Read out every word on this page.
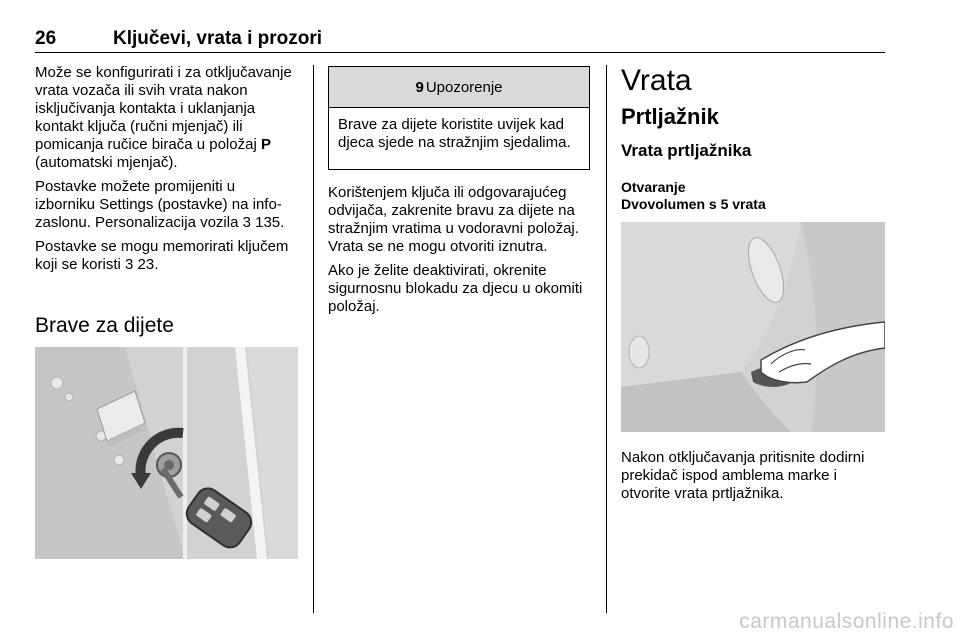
26	Ključevi, vrata i prozori

Može se konfigurirati i za otključavanje vrata vozača ili svih vrata nakon isključivanja kontakta i uklanjanja kontakt ključa (ručni mjenjač) ili pomicanja ručice birača u položaj P (automatski mjenjač).

Postavke možete promijeniti u izborniku Settings (postavke) na info-zaslonu. Personalizacija vozila 3 135.

Postavke se mogu memorirati ključem koji se koristi 3 23.

Brave za dijete
9 Upozorenje
Brave za dijete koristite uvijek kad djeca sjede na stražnjim sjedalima.

Korištenjem ključa ili odgovarajućeg odvijača, zakrenite bravu za dijete na stražnjim vratima u vodoravni položaj. Vrata se ne mogu otvoriti iznutra.

Ako je želite deaktivirati, okrenite sigurnosnu blokadu za djecu u okomiti položaj.

Vrata
Prtljažnik
Vrata prtljažnika
Otvaranje
Dvovolumen s 5 vrata

Nakon otključavanja pritisnite dodirni prekidač ispod amblema marke i otvorite vrata prtljažnika.

carmanualsonline.info
